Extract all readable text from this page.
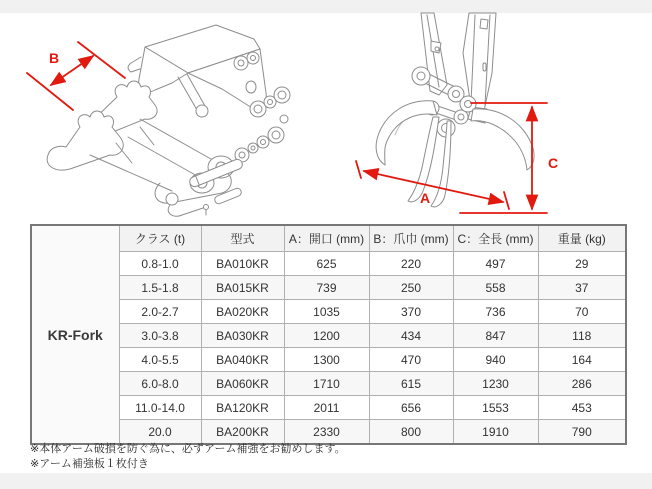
B
A
C
KR-Fork	クラス (t)	型式	A：開口 (mm)	B：爪巾 (mm)	C：全長 (mm)	重量 (kg)
	0.8-1.0	BA010KR	625	220	497	29
	1.5-1.8	BA015KR	739	250	558	37
	2.0-2.7	BA020KR	1035	370	736	70
	3.0-3.8	BA030KR	1200	434	847	118
	4.0-5.5	BA040KR	1300	470	940	164
	6.0-8.0	BA060KR	1710	615	1230	286
	11.0-14.0	BA120KR	2011	656	1553	453
	20.0	BA200KR	2330	800	1910	790
※本体アーム破損を防ぐ為に、必ずアーム補強をお勧めします。
※アーム補強板１枚付き
